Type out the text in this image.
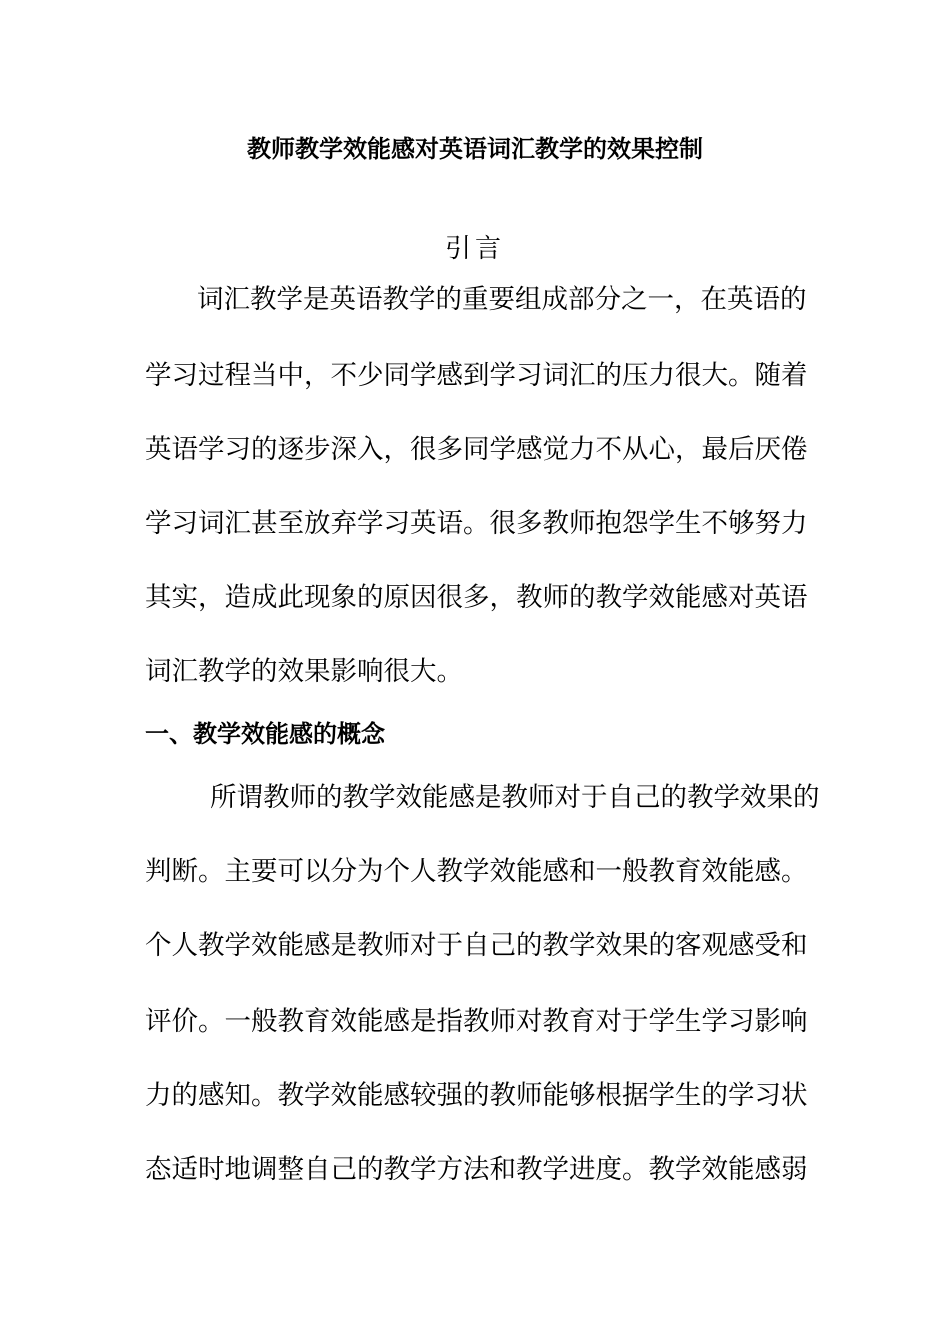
教师教学效能感对英语词汇教学的效果控制
引言
词汇教学是英语教学的重要组成部分之一，在英语的
学习过程当中，不少同学感到学习词汇的压力很大。随着
英语学习的逐步深入，很多同学感觉力不从心，最后厌倦
学习词汇甚至放弃学习英语。很多教师抱怨学生不够努力
其实，造成此现象的原因很多，教师的教学效能感对英语
词汇教学的效果影响很大。
一、教学效能感的概念
所谓教师的教学效能感是教师对于自己的教学效果的
判断。主要可以分为个人教学效能感和一般教育效能感。
个人教学效能感是教师对于自己的教学效果的客观感受和
评价。一般教育效能感是指教师对教育对于学生学习影响
力的感知。教学效能感较强的教师能够根据学生的学习状
态适时地调整自己的教学方法和教学进度。教学效能感弱
